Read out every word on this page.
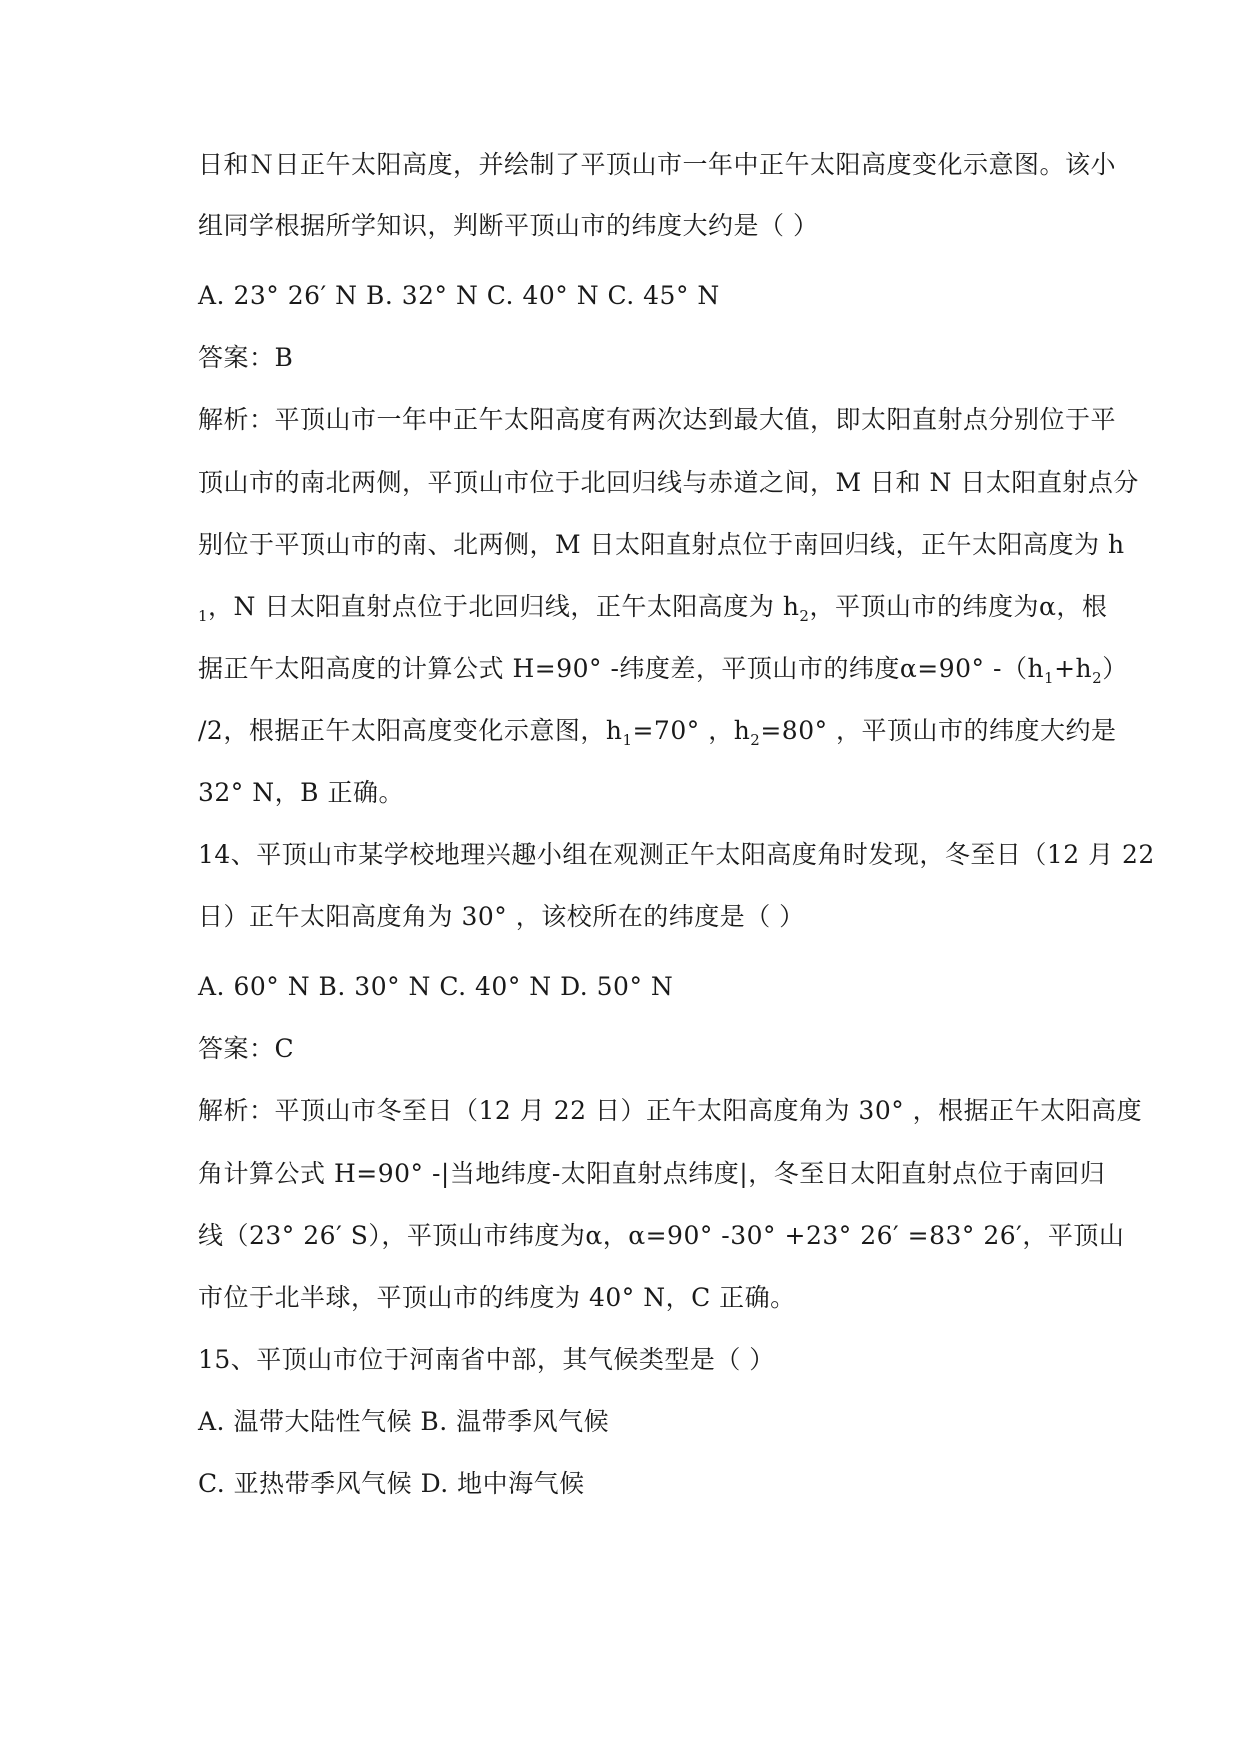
日和Ｎ日正午太阳高度，并绘制了平顶山市一年中正午太阳高度变化示意图。该小
组同学根据所学知识，判断平顶山市的纬度大约是（ ）
A. 23° 26′ N B. 32° N C. 40° N C. 45° N
答案：B
解析：平顶山市一年中正午太阳高度有两次达到最大值，即太阳直射点分别位于平
顶山市的南北两侧，平顶山市位于北回归线与赤道之间，M 日和 N 日太阳直射点分
别位于平顶山市的南、北两侧，M 日太阳直射点位于南回归线，正午太阳高度为 h
$_1$，N 日太阳直射点位于北回归线，正午太阳高度为 $h_2$，平顶山市的纬度为α，根
据正午太阳高度的计算公式 H=90° -纬度差，平顶山市的纬度α=90° $-(h_1+h_2)$
/2，根据正午太阳高度变化示意图，$h_1=70^\circ$ ，$h_2=80^\circ$ ，平顶山市的纬度大约是
32° N，B 正确。
14、平顶山市某学校地理兴趣小组在观测正午太阳高度角时发现，冬至日（12 月 22
日）正午太阳高度角为 30° ，该校所在的纬度是（ ）
A. 60° N B. 30° N C. 40° N D. 50° N
答案：C
解析：平顶山市冬至日（12 月 22 日）正午太阳高度角为 30° ，根据正午太阳高度
角计算公式 H=90° -|当地纬度-太阳直射点纬度|，冬至日太阳直射点位于南回归
线（23° 26′ S），平顶山市纬度为α，α=90° -30° +23° 26′ =83° 26′，平顶山
市位于北半球，平顶山市的纬度为 40° N，C 正确。
15、平顶山市位于河南省中部，其气候类型是（ ）
A. 温带大陆性气候 B. 温带季风气候
C. 亚热带季风气候 D. 地中海气候
